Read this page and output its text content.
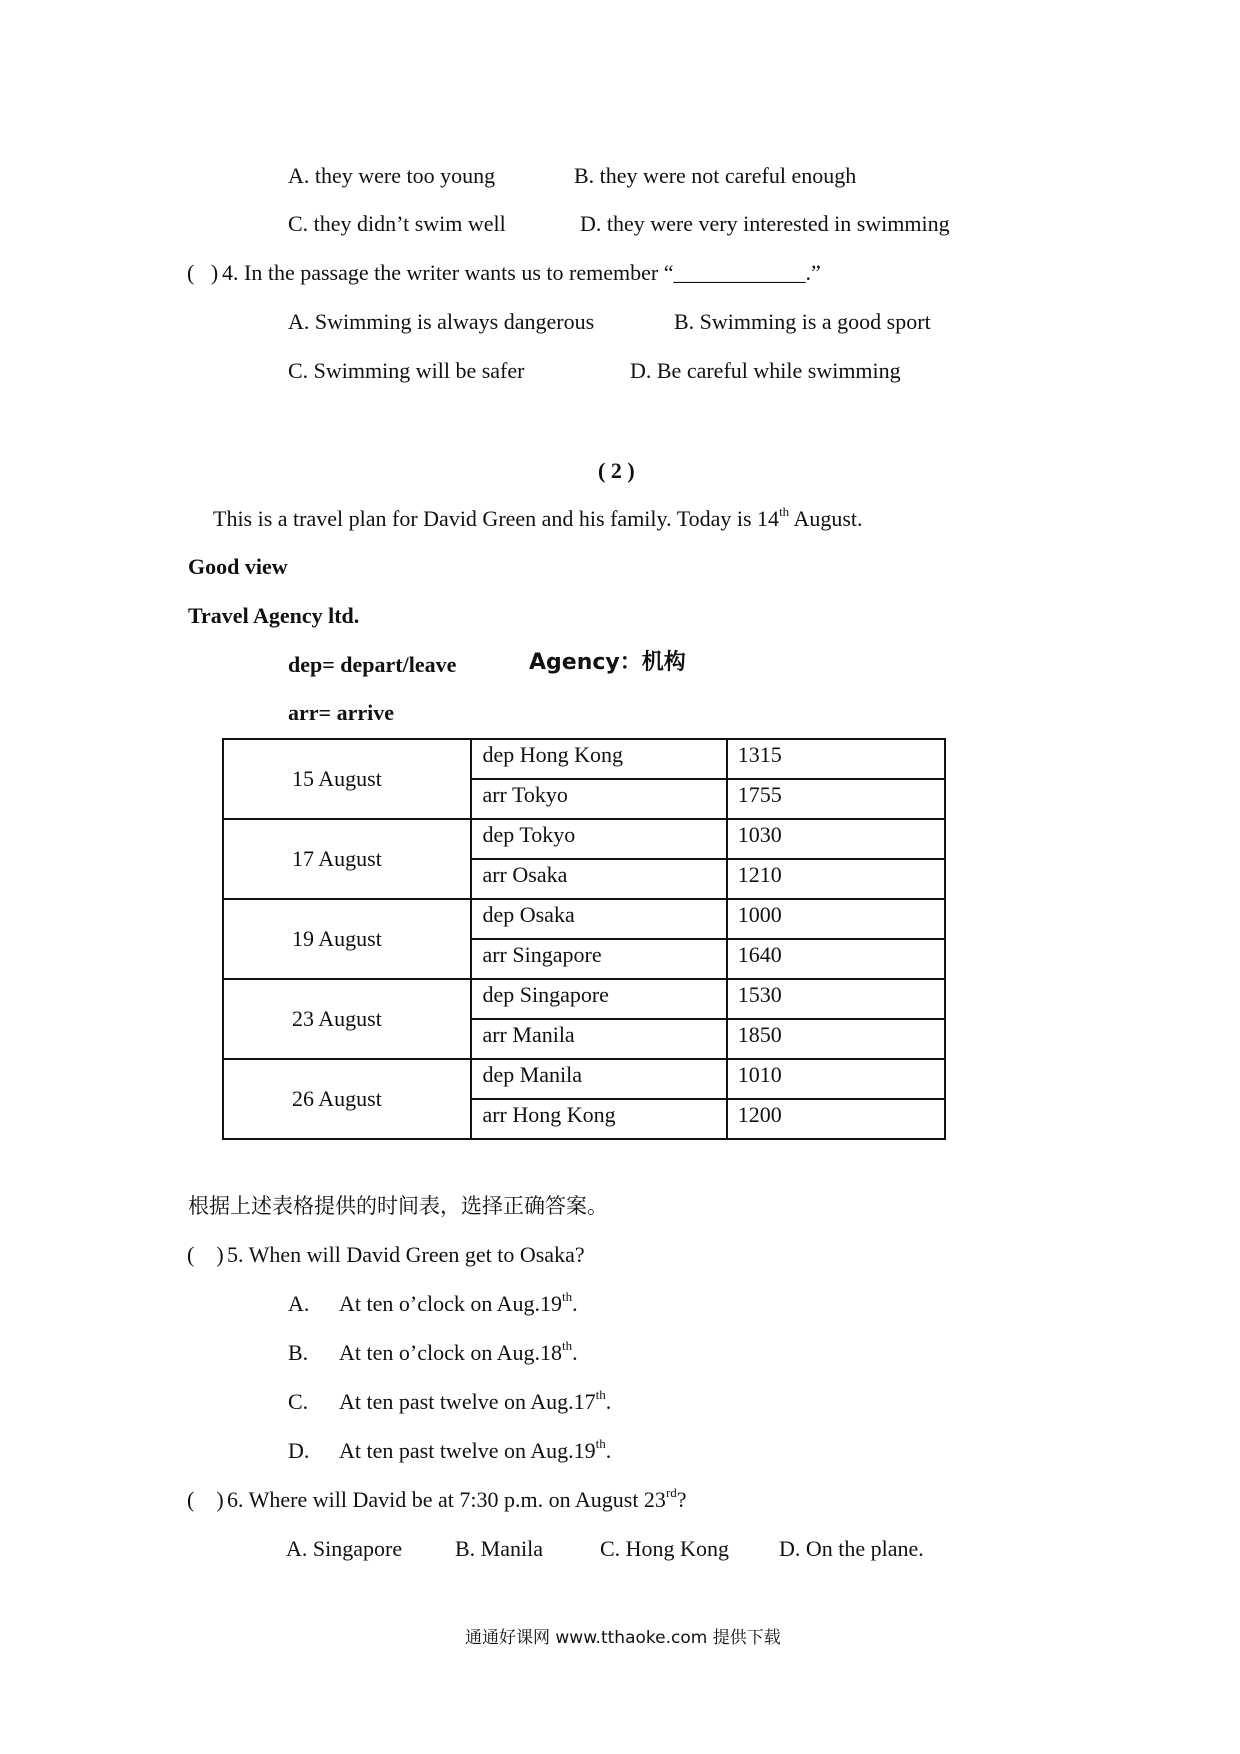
A. they were too young	B. they were not careful enough
C. they didn’t swim well	D. they were very interested in swimming
(   ) 4. In the passage the writer wants us to remember “____________.”
A. Swimming is always dangerous	B. Swimming is a good sport
C. Swimming will be safer	D. Be careful while swimming
( 2 )
This is a travel plan for David Green and his family. Today is 14th August.
Good view
Travel Agency ltd.
dep= depart/leave	Agency：机构
arr= arrive
15 August	dep Hong Kong	1315
	arr Tokyo	1755
17 August	dep Tokyo	1030
	arr Osaka	1210
19 August	dep Osaka	1000
	arr Singapore	1640
23 August	dep Singapore	1530
	arr Manila	1850
26 August	dep Manila	1010
	arr Hong Kong	1200
根据上述表格提供的时间表，选择正确答案。
(    ) 5. When will David Green get to Osaka?
A. At ten o’clock on Aug.19th.
B. At ten o’clock on Aug.18th.
C. At ten past twelve on Aug.17th.
D. At ten past twelve on Aug.19th.
(    ) 6. Where will David be at 7:30 p.m. on August 23rd?
A. Singapore B. Manila	C. Hong Kong D. On the plane.
通通好课网 www.tthaoke.com 提供下载
